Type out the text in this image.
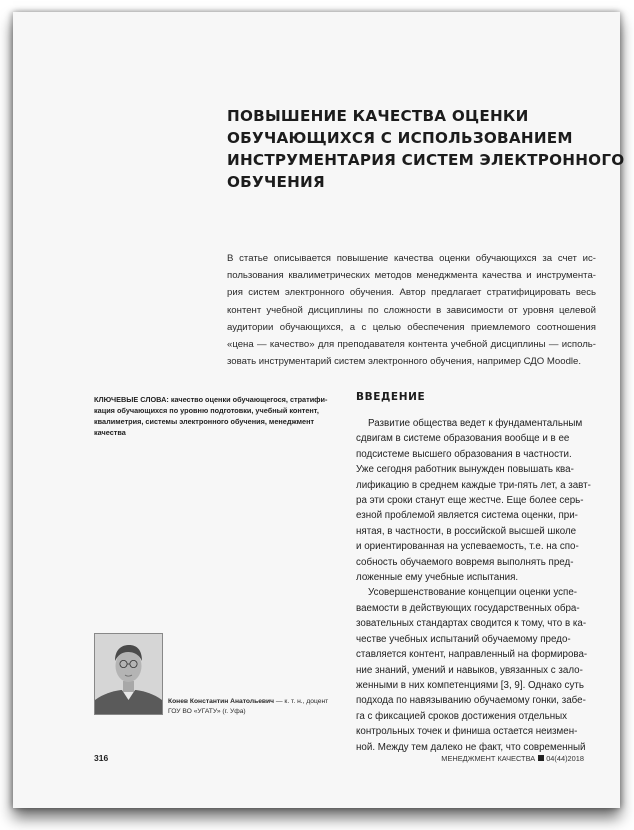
ПОВЫШЕНИЕ КАЧЕСТВА ОЦЕНКИ
ОБУЧАЮЩИХСЯ С ИСПОЛЬЗОВАНИЕМ
ИНСТРУМЕНТАРИЯ СИСТЕМ ЭЛЕКТРОННОГО
ОБУЧЕНИЯ
В статье описывается повышение качества оценки обучающихся за счет ис-
пользования квалиметрических методов менеджмента качества и инструмента-
рия систем электронного обучения. Автор предлагает стратифицировать весь
контент учебной дисциплины по сложности в зависимости от уровня целевой
аудитории обучающихся, а с целью обеспечения приемлемого соотношения
«цена — качество» для преподавателя контента учебной дисциплины — исполь-
зовать инструментарий систем электронного обучения, например СДО Moodle.
КЛЮЧЕВЫЕ СЛОВА: качество оценки обучающегося, стратифи-
кация обучающихся по уровню подготовки, учебный контент,
квалиметрия, системы электронного обучения, менеджмент
качества
ВВЕДЕНИЕ
Развитие общества ведет к фундаментальным
сдвигам в системе образования вообще и в ее
подсистеме высшего образования в частности.
Уже сегодня работник вынужден повышать ква-
лификацию в среднем каждые три-пять лет, а завт-
ра эти сроки станут еще жестче. Еще более серь-
езной проблемой является система оценки, при-
нятая, в частности, в российской высшей школе
и ориентированная на успеваемость, т.е. на спо-
собность обучаемого вовремя выполнять пред-
ложенные ему учебные испытания.
Усовершенствование концепции оценки успе-
ваемости в действующих государственных обра-
зовательных стандартах сводится к тому, что в ка-
честве учебных испытаний обучаемому предо-
ставляется контент, направленный на формирова-
ние знаний, умений и навыков, увязанных с зало-
женными в них компетенциями [3, 9]. Однако суть
подхода по навязыванию обучаемому гонки, забе-
га с фиксацией сроков достижения отдельных
контрольных точек и финиша остается неизмен-
ной. Между тем далеко не факт, что современный
Конев Константин Анатольевич — к. т. н., доцент
ГОУ ВО «УГАТУ» (г. Уфа)
316	МЕНЕДЖМЕНТ КАЧЕСТВА 04(44)2018
